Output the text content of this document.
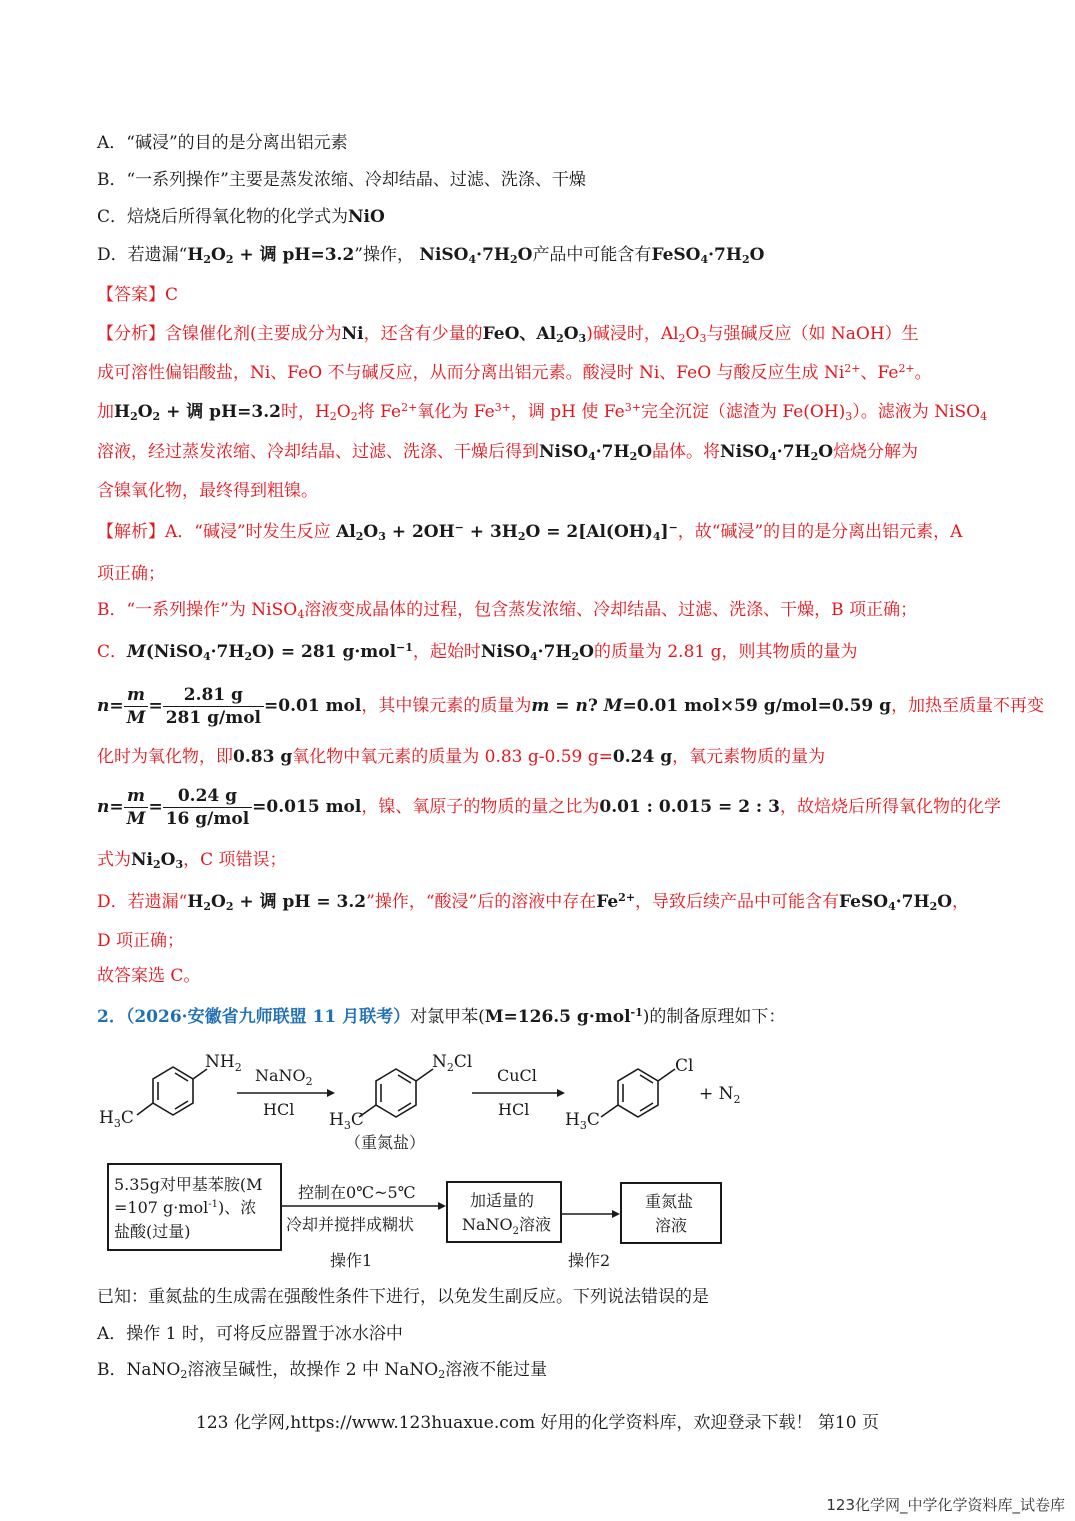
A．“碱浸”的目的是分离出铝元素
B．“一系列操作”主要是蒸发浓缩、冷却结晶、过滤、洗涤、干燥
C．焙烧后所得氧化物的化学式为NiO
D．若遗漏“$H_2O_2$ + 调 pH=3.2”操作， $NiSO_4\cdot 7H_2O$产品中可能含有$FeSO_4\cdot 7H_2O$
【答案】C
【分析】含镍催化剂(主要成分为Ni，还含有少量的FeO、$Al_2O_3$)碱浸时，$Al_2O_3$与强碱反应（如 NaOH）生
成可溶性偏铝酸盐，Ni、FeO 不与碱反应，从而分离出铝元素。酸浸时 Ni、FeO 与酸反应生成 $Ni^{2+}$、$Fe^{2+}$。
加$H_2O_2$ + 调 pH=3.2时，$H_2O_2$将 $Fe^{2+}$氧化为 $Fe^{3+}$，调 pH 使 $Fe^{3+}$完全沉淀（滤渣为 $Fe(OH)_3$）。滤液为 NiSO$_4$
溶液，经过蒸发浓缩、冷却结晶、过滤、洗涤、干燥后得到$NiSO_4\cdot 7H_2O$晶体。将$NiSO_4\cdot 7H_2O$焙烧分解为
含镍氧化物，最终得到粗镍。
【解析】A．“碱浸”时发生反应 $Al_2O_3 + 2OH^- + 3H_2O = 2[Al(OH)_4]^-$，故“碱浸”的目的是分离出铝元素，A
项正确；
B．“一系列操作”为 NiSO$_4$溶液变成晶体的过程，包含蒸发浓缩、冷却结晶、过滤、洗涤、干燥，B 项正确；
C．$M(NiSO_4\cdot 7H_2O) = 281$ g·mol$^{-1}$，起始时$NiSO_4\cdot 7H_2O$的质量为 2.81 g，则其物质的量为
$n= \frac{m}{M} = \frac{2.81 g}{\text{281 g/mol}} =0.01$ mol，其中镍元素的质量为m = n? M=0.01 mol×59 g/mol=0.59 g，加热至质量不再变
化时为氧化物，即0.83 g氧化物中氧元素的质量为 0.83 g-0.59 g=0.24 g，氧元素物质的量为
$n= \frac{m}{M} = \frac{0.24 g}{\text{16 g/mol}} =0.015$ mol，镍、氧原子的物质的量之比为0.01 : 0.015 = 2 : 3，故焙烧后所得氧化物的化学
式为$Ni_2O_3$，C 项错误；
D．若遗漏“$H_2O_2$ + 调 pH = 3.2”操作，“酸浸”后的溶液中存在$Fe^{2+}$，导致后续产品中可能含有$FeSO_4\cdot 7H_2O$，
D 项正确；
故答案选 C。
2．（2026·安徽省九师联盟 11 月联考）对氯甲苯(M=126.5 g·mol$^{-1}$)的制备原理如下：
$NH_2$
$H_3C$
NaNO$_2$
HCl
$N_2Cl$
$H_3C$
（重氮盐）
CuCl
HCl
Cl
$H_3C$
+ $N_2$
5.35g对甲基苯胺(M
=107 g·mol$^{-1}$)、浓
盐酸(过量)
控制在0℃~5℃
冷却并搅拌成糊状
加适量的
NaNO$_2$溶液
重氮盐
溶液
操作1	操作2
已知：重氮盐的生成需在强酸性条件下进行，以免发生副反应。下列说法错误的是
A．操作 1 时，可将反应器置于冰水浴中
B．NaNO$_2$溶液呈碱性，故操作 2 中 NaNO$_2$溶液不能过量
123 化学网,https://www.123huaxue.com 好用的化学资料库，欢迎登录下载！ 第10 页
123化学网_中学化学资料库_试卷库
